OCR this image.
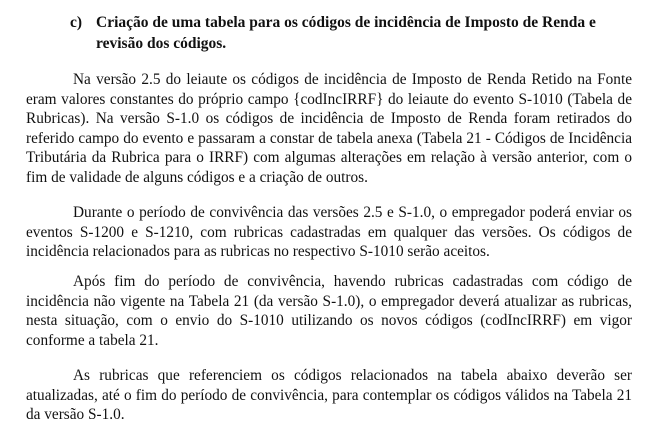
c) Criação de uma tabela para os códigos de incidência de Imposto de Renda e
revisão dos códigos.

Na versão 2.5 do leiaute os códigos de incidência de Imposto de Renda Retido na Fonte eram valores constantes do próprio campo {codIncIRRF} do leiaute do evento S-1010 (Tabela de Rubricas). Na versão S-1.0 os códigos de incidência de Imposto de Renda foram retirados do referido campo do evento e passaram a constar de tabela anexa (Tabela 21 - Códigos de Incidência Tributária da Rubrica para o IRRF) com algumas alterações em relação à versão anterior, com o fim de validade de alguns códigos e a criação de outros.

Durante o período de convivência das versões 2.5 e S-1.0, o empregador poderá enviar os eventos S-1200 e S-1210, com rubricas cadastradas em qualquer das versões. Os códigos de incidência relacionados para as rubricas no respectivo S-1010 serão aceitos.

Após fim do período de convivência, havendo rubricas cadastradas com código de incidência não vigente na Tabela 21 (da versão S-1.0), o empregador deverá atualizar as rubricas, nesta situação, com o envio do S-1010 utilizando os novos códigos (codIncIRRF) em vigor conforme a tabela 21.

As rubricas que referenciem os códigos relacionados na tabela abaixo deverão ser atualizadas, até o fim do período de convivência, para contemplar os códigos válidos na Tabela 21 da versão S-1.0.
